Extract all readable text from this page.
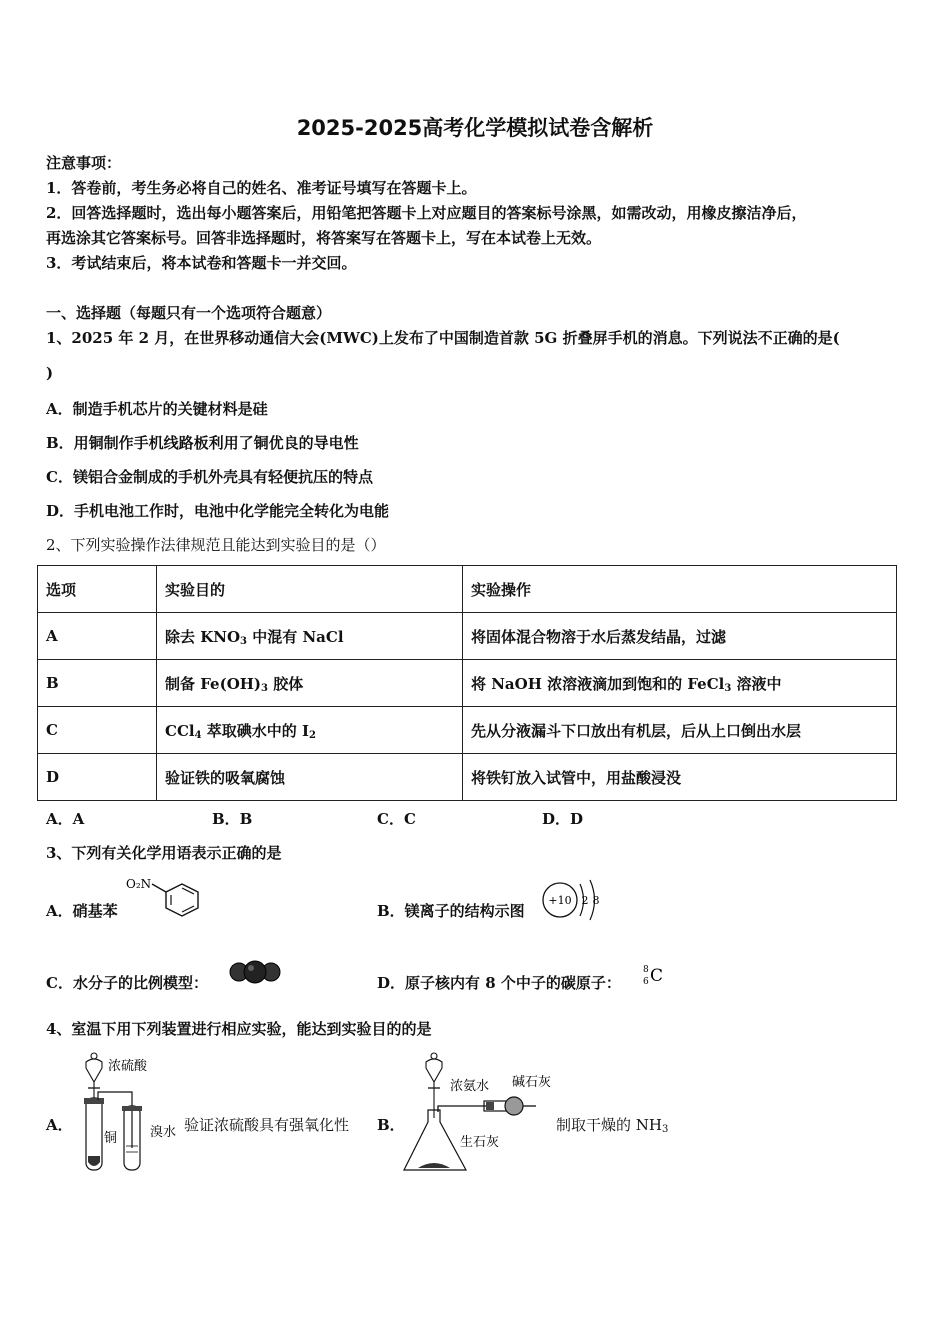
2025-2025高考化学模拟试卷含解析
注意事项：
1．答卷前，考生务必将自己的姓名、准考证号填写在答题卡上。
2．回答选择题时，选出每小题答案后，用铅笔把答题卡上对应题目的答案标号涂黑，如需改动，用橡皮擦洁净后，
再选涂其它答案标号。回答非选择题时，将答案写在答题卡上，写在本试卷上无效。
3．考试结束后，将本试卷和答题卡一并交回。
一、选择题（每题只有一个选项符合题意）
1、2025 年 2 月，在世界移动通信大会(MWC)上发布了中国制造首款 5G 折叠屏手机的消息。下列说法不正确的是(
)
A．制造手机芯片的关键材料是硅
B．用铜制作手机线路板利用了铜优良的导电性
C．镁铝合金制成的手机外壳具有轻便抗压的特点
D．手机电池工作时，电池中化学能完全转化为电能
2、下列实验操作法律规范且能达到实验目的是（）
选项	实验目的	实验操作
A	除去 $KNO_3$ 中混有 NaCl	将固体混合物溶于水后蒸发结晶，过滤
B	制备 $Fe(OH)_3$ 胶体	将 NaOH 浓溶液滴加到饱和的 FeCl$_3$ 溶液中
C	CCl$_4$ 萃取碘水中的 $I_2$	先从分液漏斗下口放出有机层，后从上口倒出水层
D	验证铁的吸氧腐蚀	将铁钉放入试管中，用盐酸浸没
A．A	B．B	C．C	D．D
3、下列有关化学用语表示正确的是
A．硝基苯
O₂N
B．镁离子的结构示图
+10 2 8
C．水分子的比例模型：	D．原子核内有 8 个中子的碳原子：
8
6 C
4、室温下用下列装置进行相应实验，能达到实验目的的是
A．
浓硫酸
铜	溴水 验证浓硫酸具有强氧化性 B．
浓氨水
生石灰
碱石灰
制取干燥的 $NH_3$
